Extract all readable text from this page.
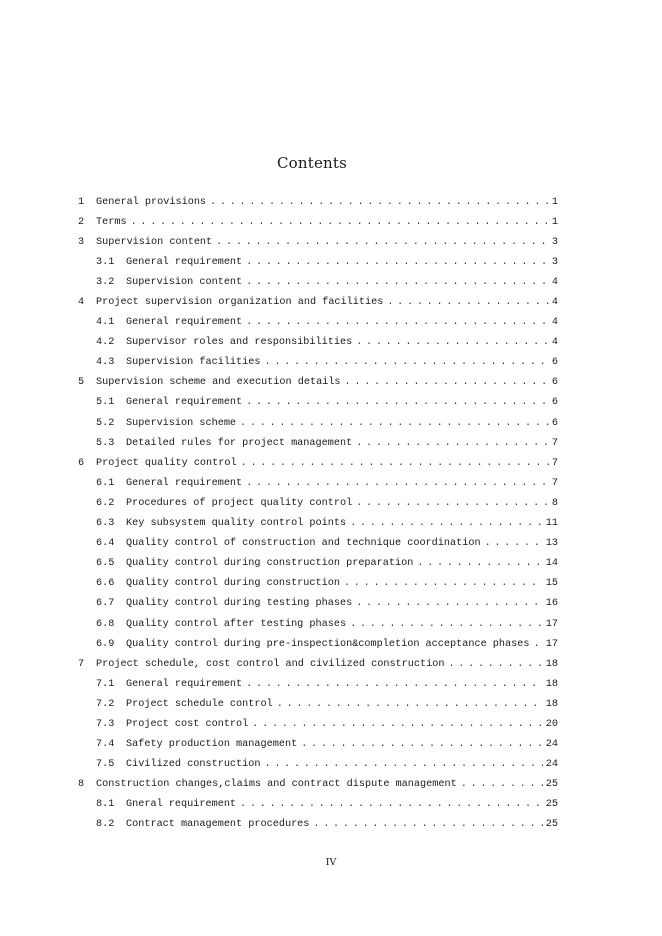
Contents
1	General provisions . . .	1
2	Terms . . .	1
3	Supervision content . . .	3
3.1	General requirement . . .	3
3.2	Supervision content . . .	4
4	Project supervision organization and facilities . . .	4
4.1	General requirement . . .	4
4.2	Supervisor roles and responsibilities . . .	4
4.3	Supervision facilities . . .	6
5	Supervision scheme and execution details . . .	6
5.1	General requirement . . .	6
5.2	Supervision scheme . . .	6
5.3	Detailed rules for project management . . .	7
6	Project quality control . . .	7
6.1	General requirement . . .	7
6.2	Procedures of project quality control . . .	8
6.3	Key subsystem quality control points . . .	11
6.4	Quality control of construction and technique coordination . . .	13
6.5	Quality control during construction preparation . . .	14
6.6	Quality control during construction . . .	15
6.7	Quality control during testing phases . . .	16
6.8	Quality control after testing phases . . .	17
6.9	Quality control during pre-inspection&completion acceptance phases . . . 17
7	Project schedule, cost control and civilized construction . . .	18
7.1	General requirement . . .	18
7.2	Project schedule control . . .	18
7.3	Project cost control . . .	20
7.4	Safety production management . . .	24
7.5	Civilized construction . . .	24
8	Construction changes,claims and contract dispute management . . .	25
8.1	Gneral requirement . . .	25
8.2	Contract management procedures . . .	25
IV
